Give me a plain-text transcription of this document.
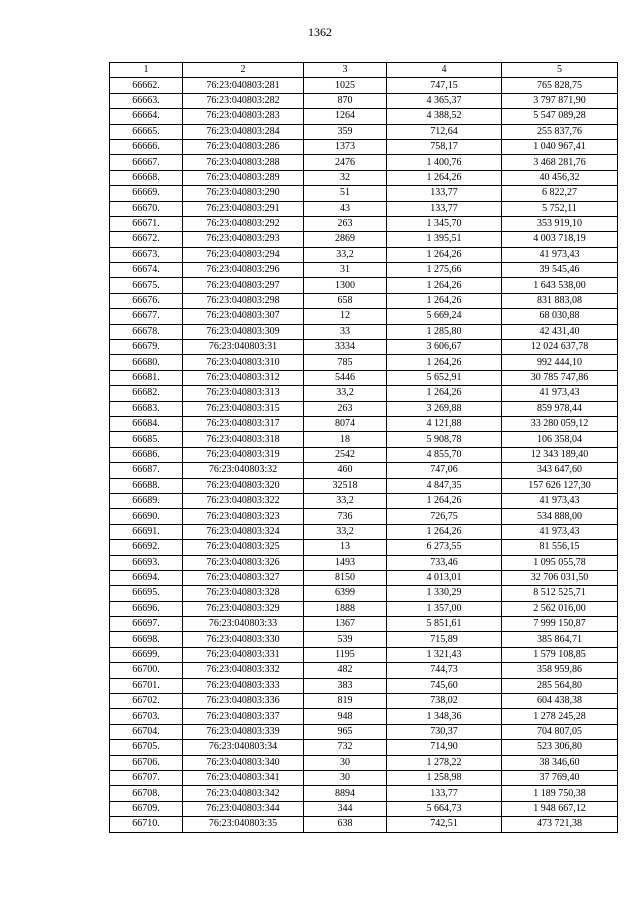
1362
1	2	3	4	5
66662.	76:23:040803:281	1025	747,15	765 828,75
66663.	76:23:040803:282	870	4 365,37	3 797 871,90
66664.	76:23:040803:283	1264	4 388,52	5 547 089,28
66665.	76:23:040803:284	359	712,64	255 837,76
66666.	76:23:040803:286	1373	758,17	1 040 967,41
66667.	76:23:040803:288	2476	1 400,76	3 468 281,76
66668.	76:23:040803:289	32	1 264,26	40 456,32
66669.	76:23:040803:290	51	133,77	6 822,27
66670.	76:23:040803:291	43	133,77	5 752,11
66671.	76:23:040803:292	263	1 345,70	353 919,10
66672.	76:23:040803:293	2869	1 395,51	4 003 718,19
66673.	76:23:040803:294	33,2	1 264,26	41 973,43
66674.	76:23:040803:296	31	1 275,66	39 545,46
66675.	76:23:040803:297	1300	1 264,26	1 643 538,00
66676.	76:23:040803:298	658	1 264,26	831 883,08
66677.	76:23:040803:307	12	5 669,24	68 030,88
66678.	76:23:040803:309	33	1 285,80	42 431,40
66679.	76:23:040803:31	3334	3 606,67	12 024 637,78
66680.	76:23:040803:310	785	1 264,26	992 444,10
66681.	76:23:040803:312	5446	5 652,91	30 785 747,86
66682.	76:23:040803:313	33,2	1 264,26	41 973,43
66683.	76:23:040803:315	263	3 269,88	859 978,44
66684.	76:23:040803:317	8074	4 121,88	33 280 059,12
66685.	76:23:040803:318	18	5 908,78	106 358,04
66686.	76:23:040803:319	2542	4 855,70	12 343 189,40
66687.	76:23:040803:32	460	747,06	343 647,60
66688.	76:23:040803:320	32518	4 847,35	157 626 127,30
66689.	76:23:040803:322	33,2	1 264,26	41 973,43
66690.	76:23:040803:323	736	726,75	534 888,00
66691.	76:23:040803:324	33,2	1 264,26	41 973,43
66692.	76:23:040803:325	13	6 273,55	81 556,15
66693.	76:23:040803:326	1493	733,46	1 095 055,78
66694.	76:23:040803:327	8150	4 013,01	32 706 031,50
66695.	76:23:040803:328	6399	1 330,29	8 512 525,71
66696.	76:23:040803:329	1888	1 357,00	2 562 016,00
66697.	76:23:040803:33	1367	5 851,61	7 999 150,87
66698.	76:23:040803:330	539	715,89	385 864,71
66699.	76:23:040803:331	1195	1 321,43	1 579 108,85
66700.	76:23:040803:332	482	744,73	358 959,86
66701.	76:23:040803:333	383	745,60	285 564,80
66702.	76:23:040803:336	819	738,02	604 438,38
66703.	76:23:040803:337	948	1 348,36	1 278 245,28
66704.	76:23:040803:339	965	730,37	704 807,05
66705.	76:23:040803:34	732	714,90	523 306,80
66706.	76:23:040803:340	30	1 278,22	38 346,60
66707.	76:23:040803:341	30	1 258,98	37 769,40
66708.	76:23:040803:342	8894	133,77	1 189 750,38
66709.	76:23:040803:344	344	5 664,73	1 948 667,12
66710.	76:23:040803:35	638	742,51	473 721,38
